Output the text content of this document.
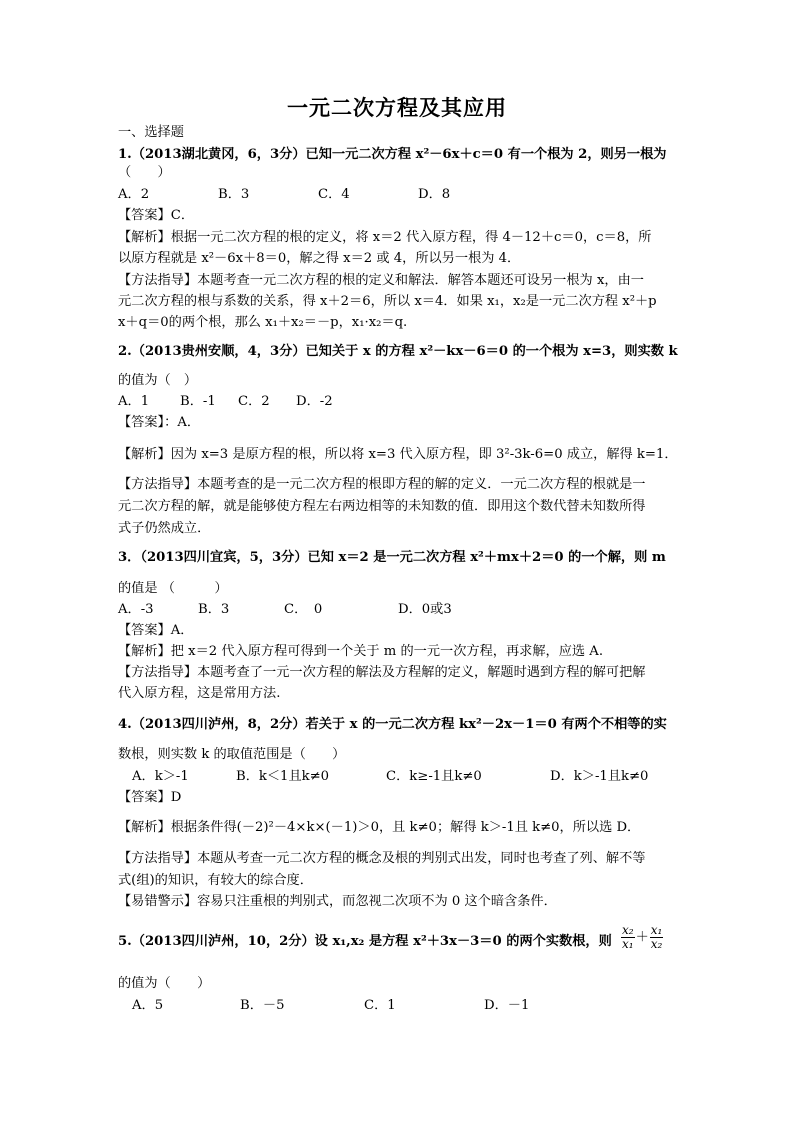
一元二次方程及其应用
一、选择题
1.（2013湖北黄冈，6，3分）已知一元二次方程 x²－6x＋c＝0 有一个根为 2，则另一根为
（　　）
A．2	B．3	C．4	D．8
【答案】C．
【解析】根据一元二次方程的根的定义，将 x＝2 代入原方程，得 4－12＋c＝0，c＝8，所
以原方程就是 x²－6x＋8＝0，解之得 x＝2 或 4，所以另一根为 4．
【方法指导】本题考查一元二次方程的根的定义和解法．解答本题还可设另一根为 x，由一
元二次方程的根与系数的关系，得 x＋2＝6，所以 x＝4．如果 x₁，x₂是一元二次方程 x²＋p
x＋q＝0的两个根，那么 x₁＋x₂＝－p，x₁·x₂＝q.
2.（2013贵州安顺，4，3分）已知关于 x 的方程 x²－kx－6＝0 的一个根为 x=3，则实数 k
的值为（　）
A．1 B．-1 C．2 D．-2
【答案】：A．
【解析】因为 x=3 是原方程的根，所以将 x=3 代入原方程，即 3²-3k-6=0 成立，解得 k=1．
【方法指导】本题考查的是一元二次方程的根即方程的解的定义．一元二次方程的根就是一
元二次方程的解，就是能够使方程左右两边相等的未知数的值．即用这个数代替未知数所得
式子仍然成立．
3．（2013四川宜宾，5，3分）已知 x＝2 是一元二次方程 x²＋mx＋2＝0 的一个解，则 m
的值是 （　　　）
A．-3	B．3	C．　0	D．0或3
【答案】A．
【解析】把 x＝2 代入原方程可得到一个关于 m 的一元一次方程，再求解，应选 A.
【方法指导】本题考查了一元一次方程的解法及方程解的定义，解题时遇到方程的解可把解
代入原方程，这是常用方法.
4.（2013四川泸州，8，2分）若关于 x 的一元二次方程 kx²－2x－1＝0 有两个不相等的实
数根，则实数 k 的取值范围是（　　）
A．k＞-1	B．k＜1且k≠0	C．k≥-1且k≠0	D．k＞-1且k≠0
【答案】D
【解析】根据条件得(－2)²－4×k×(－1)＞0，且 k≠0；解得 k＞-1且 k≠0，所以选 D．
【方法指导】本题从考查一元二次方程的概念及根的判别式出发，同时也考查了列、解不等
式(组)的知识，有较大的综合度．
【易错警示】容易只注重根的判别式，而忽视二次项不为 0 这个暗含条件．
5.（2013四川泸州，10，2分）设 x₁,x₂ 是方程 x²＋3x－3＝0 的两个实数根，则 $\frac{\text{x₂}}{\text{x₁}} + \frac{\text{x₁}}{\text{x₂}}$
的值为（　　）
A．5	B．－5	C．1	D．－1
